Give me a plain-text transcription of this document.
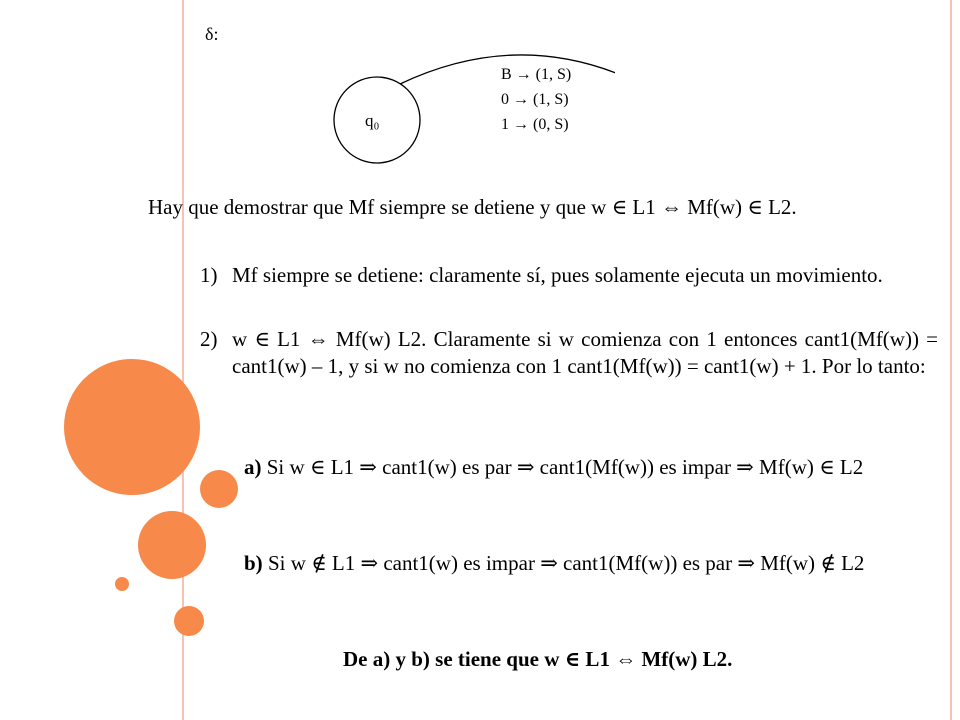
δ:
q₀
B → (1, S)
0 → (1, S)
1 → (0, S)
Hay que demostrar que Mf siempre se detiene y que w ∈ L1 ⇔ Mf(w) ∈ L2.
1) Mf siempre se detiene: claramente sí, pues solamente ejecuta un movimiento.
2) w ∈ L1 ⇔ Mf(w) L2. Claramente si w comienza con 1 entonces cant1(Mf(w)) = cant1(w) – 1, y si w no comienza con 1 cant1(Mf(w)) = cant1(w) + 1. Por lo tanto:
a) Si w ∈ L1 ⇒ cant1(w) es par ⇒ cant1(Mf(w)) es impar ⇒ Mf(w) ∈ L2
b) Si w ∉ L1 ⇒ cant1(w) es impar ⇒ cant1(Mf(w)) es par ⇒ Mf(w) ∉ L2
De a) y b) se tiene que w ∈ L1 ⇔ Mf(w) L2.
